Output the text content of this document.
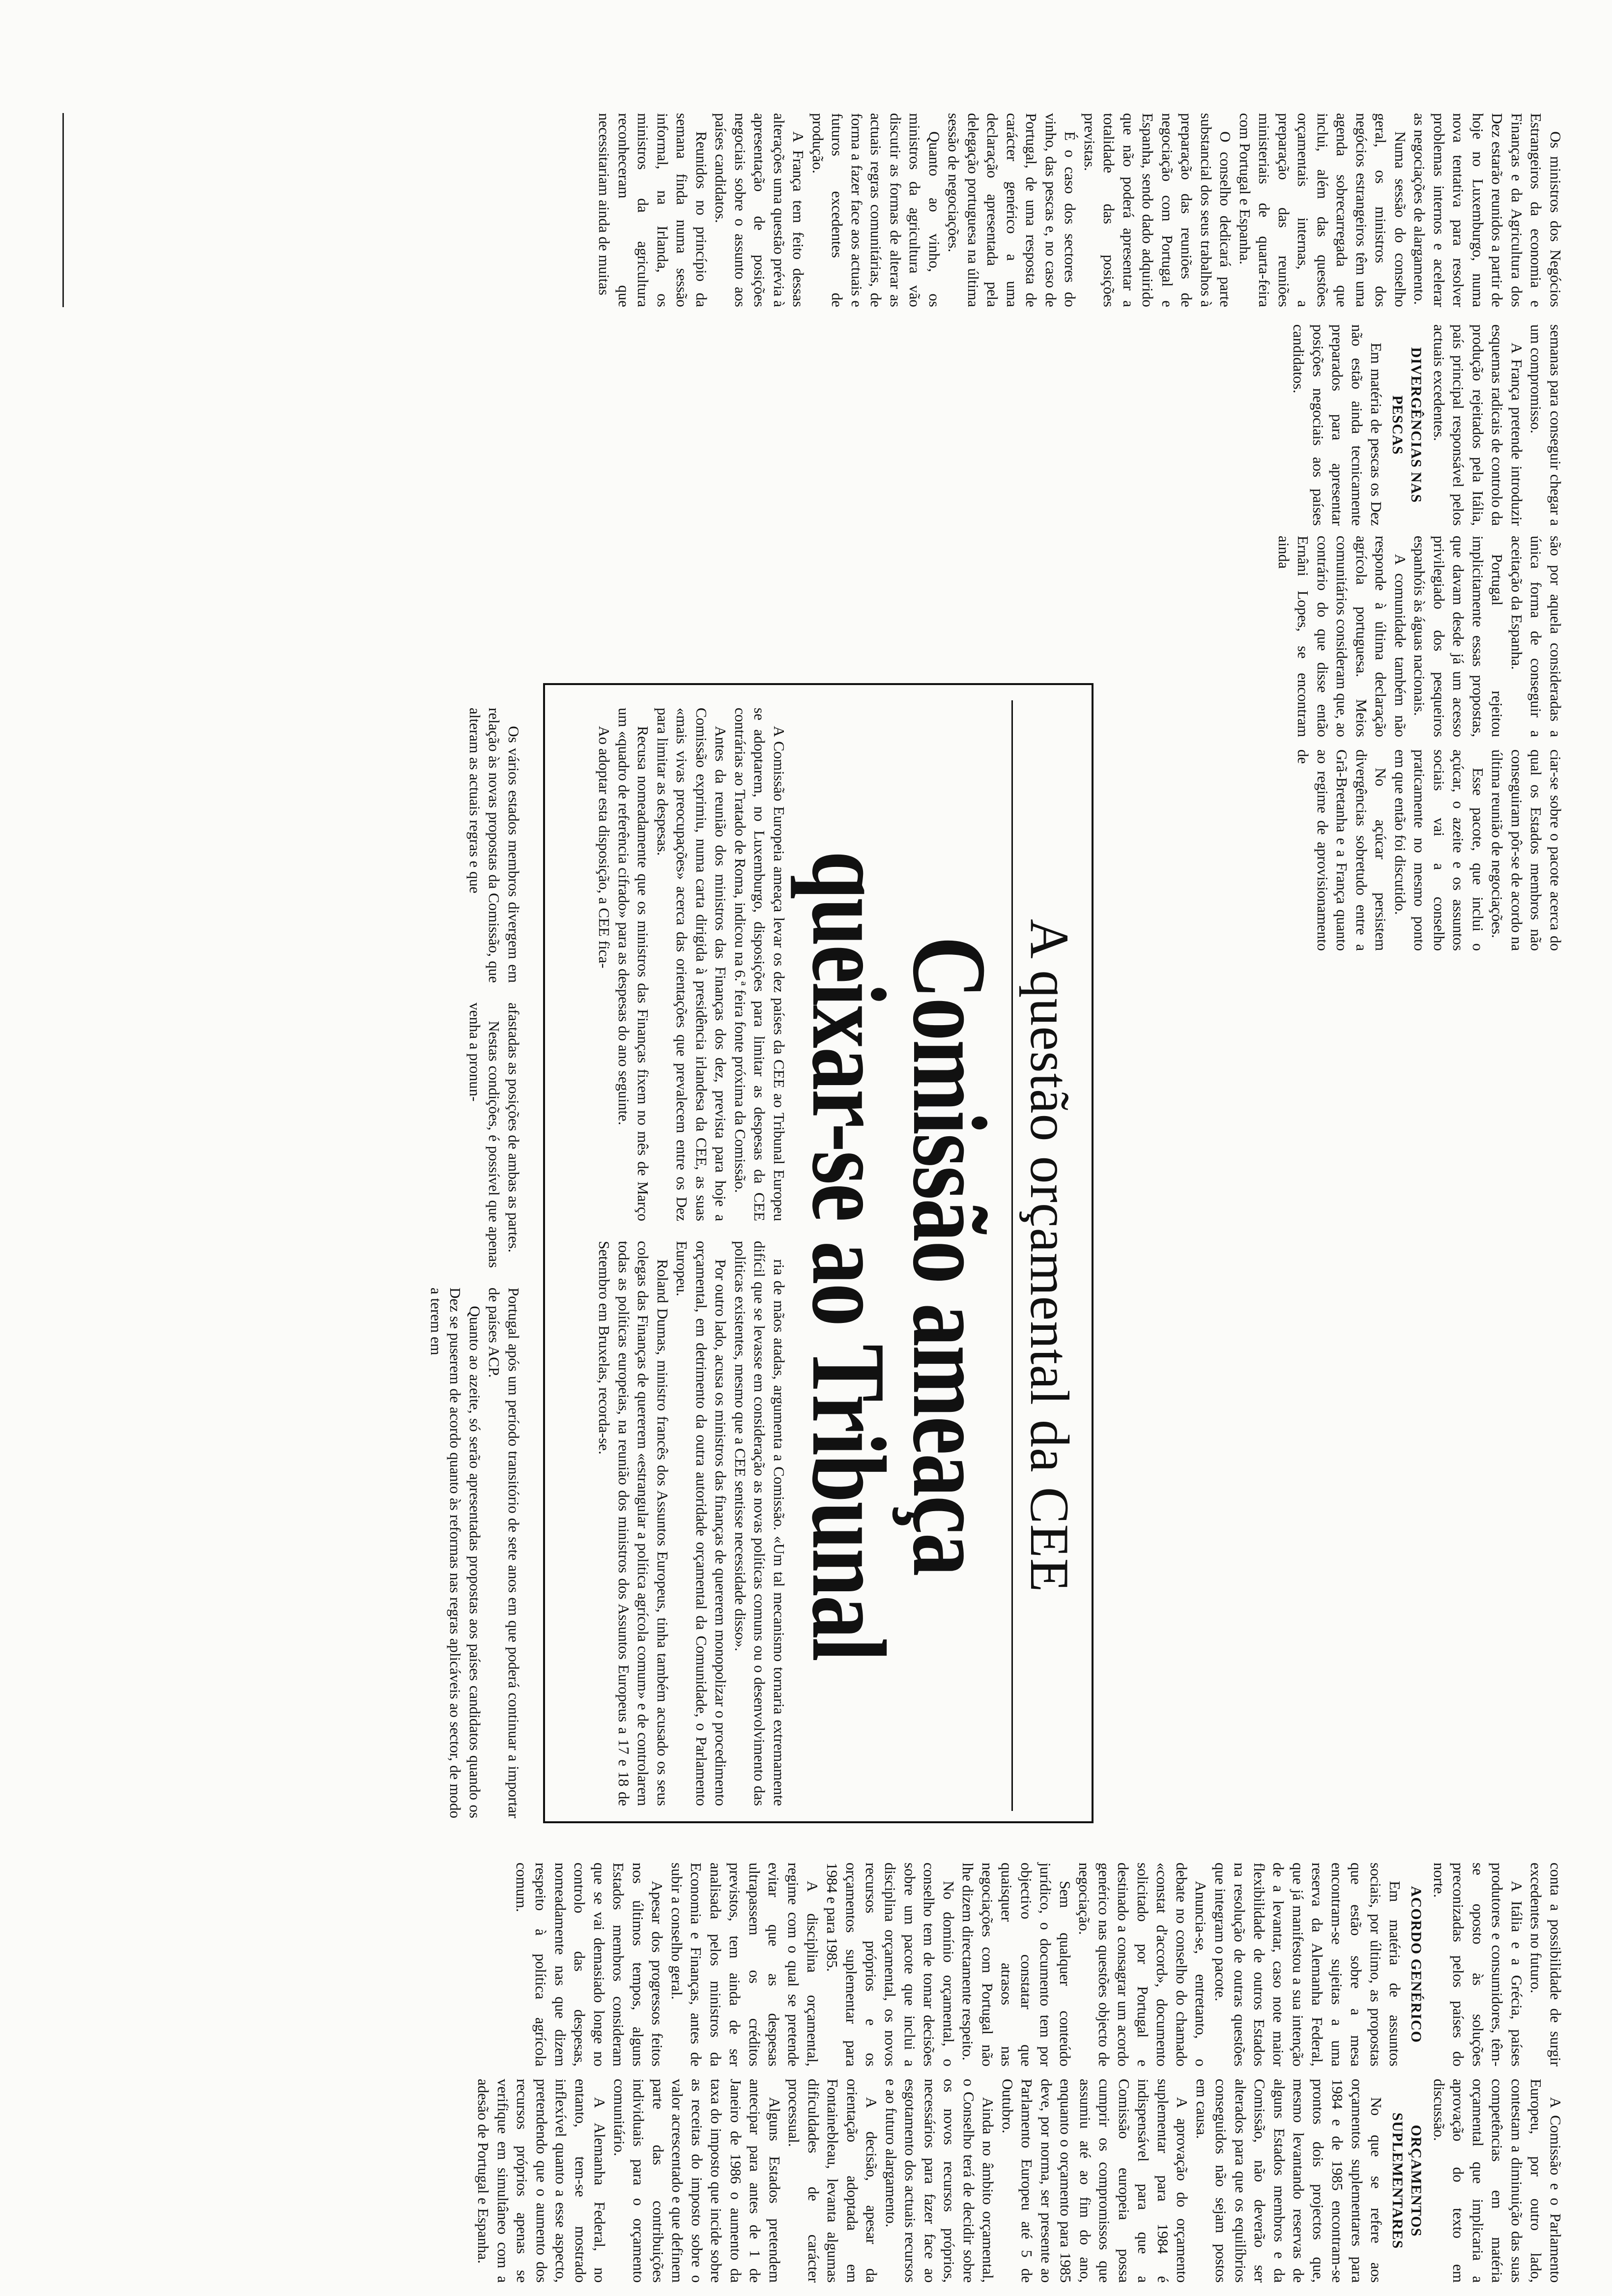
Os ministros dos Negócios Estrangeiros da economia e Finanças e da Agricultura dos Dez estarão reunidos a partir de hoje no Luxemburgo, numa nova tentativa para resolver problemas internos e acelerar as negociações de alargamento.

Numa sessão do conselho geral, os ministros dos negócios estrangeiros têm uma agenda sobrecarregada que inclui, além das questões orçamentais internas, a preparação das reuniões ministeriais de quarta-feira com Portugal e Espanha.

O conselho dedicará parte substancial dos seus trabalhos à preparação das reuniões de negociação com Portugal e Espanha, sendo dado adquirido que não poderá apresentar a totalidade das posições previstas.

É o caso dos sectores do vinho, das pescas e, no caso de Portugal, de uma resposta de carácter genérico a uma declaração apresentada pela delegação portuguesa na última sessão de negociações.

Quanto ao vinho, os ministros da agricultura vão discutir as formas de alterar as actuais regras comunitárias, de forma a fazer face aos actuais e futuros excedentes de produção.

A França tem feito dessas alterações uma questão prévia à apresentação de posições negociais sobre o assunto aos países candidatos.

Reunidos no princípio da semana finda numa sessão informal, na Irlanda, os ministros da agricultura reconheceram que necessitariam ainda de muitas

semanas para conseguir chegar a um compromisso.

A França pretende introduzir esquemas radicais de controlo da produção rejeitados pela Itália, país principal responsável pelos actuais excedentes.

DIVERGÊNCIAS NAS PESCAS

Em matéria de pescas os Dez não estão ainda tecnicamente preparados para apresentar posições negociais aos países candidatos.

são por aquela consideradas a única forma de conseguir a aceitação da Espanha.

Portugal rejeitou implicitamente essas propostas, que davam desde já um acesso privilegiado dos pesqueiros espanhóis às águas nacionais.

A comunidade também não responde à última declaração agrícola portuguesa. Meios comunitários consideram que, ao contrário do que disse então Ernâni Lopes, se encontram ainda

ciar-se sobre o pacote acerca do qual os Estados membros não conseguiram pôr-se de acordo na última reunião de negociações.

Esse pacote, que inclui o açúcar, o azeite e os assuntos sociais vai a conselho praticamente no mesmo ponto em que então foi discutido.

No açúcar persistem divergências sobretudo entre a Grã-Bretanha e a França quanto ao regime de aprovisionamento de

A questão orçamental da CEE
Comissão ameaça
queixar-se ao Tribunal

A Comissão Europeia ameaça levar os dez países da CEE ao Tribunal Europeu se adoptarem, no Luxemburgo, disposições para limitar as despesas da CEE contrárias ao Tratado de Roma, indicou na 6.ª feira fonte próxima da Comissão.

Antes da reunião dos ministros das Finanças dos dez, prevista para hoje a Comissão exprimiu, numa carta dirigida à presidência irlandesa da CEE, as suas «mais vivas preocupações» acerca das orientações que prevalecem entre os Dez para limitar as despesas.

Recusa nomeadamente que os ministros das Finanças fixem no mês de Março um «quadro de referência cifrado» para as despesas do ano seguinte.

Ao adoptar esta disposição, a CEE fica-

ria de mãos atadas, argumenta a Comissão. «Um tal mecanismo tornaria extremamente difícil que se levasse em consideração as novas políticas comuns ou o desenvolvimento das políticas existentes, mesmo que a CEE sentisse necessidade disso».

Por outro lado, acusa os ministros das finanças de quererem monopolizar o procedimento orçamental, em detrimento da outra autoridade orçamental da Comunidade, o Parlamento Europeu.

Roland Dumas, ministro francês dos Assuntos Europeus, tinha também acusado os seus colegas das Finanças de quererem «estrangular a política agrícola comum» e de controlarem todas as políticas europeias, na reunião dos ministros dos Assuntos Europeus a 17 e 18 de Setembro em Bruxelas, recorda-se.

Os vários estados membros divergem em relação às novas propostas da Comissão, que alteram as actuais regras e que

afastadas as posições de ambas as partes.

Nestas condições, é possível que apenas venha a pronun-

Portugal após um período transitório de sete anos em que poderá continuar a importar de países ACP.

Quanto ao azeite, só serão apresentadas propostas aos países candidatos quando os Dez se puserem de acordo quanto às reformas nas regras aplicáveis ao sector, de modo a terem em

conta a possibilidade de surgir excedentes no futuro.

A Itália e a Grécia, países produtores e consumidores, têm-se oposto às soluções preconizadas pelos países do norte.

ACORDO GENÉRICO

Em matéria de assuntos sociais, por último, as propostas que estão sobre a mesa encontram-se sujeitas a uma reserva da Alemanha Federal, que já manifestou a sua intenção de a levantar, caso note maior flexibilidade de outros Estados na resolução de outras questões que integram o pacote.

Anuncia-se, entretanto, o debate no conselho do chamado «constat d'accord», documento solicitado por Portugal e destinado a consagrar um acordo genérico nas questões objecto de negociação.

Sem qualquer conteúdo jurídico, o documento tem por objectivo constatar que quaisquer atrasos nas negociações com Portugal não lhe dizem directamente respeito.

No domínio orçamental, o conselho tem de tomar decisões sobre um pacote que inclui a disciplina orçamental, os novos recursos próprios e os orçamentos suplementar para 1984 e para 1985.

A disciplina orçamental, regime com o qual se pretende evitar que as despesas ultrapassem os créditos previstos, tem ainda de ser analisada pelos ministros da Economia e Finanças, antes de subir a conselho geral.

Apesar dos progressos feitos nos últimos tempos, alguns Estados membros consideram que se vai demasiado longe no controlo das despesas, nomeadamente nas que dizem respeito à política agrícola comum.

A Comissão e o Parlamento Europeu, por outro lado, contestam a diminuição das suas competências em matéria orçamental que implicaria a aprovação do texto em discussão.

ORÇAMENTOS SUPLEMENTARES

No que se refere aos orçamentos suplementares para 1984 e de 1985 encontram-se prontos dois projectos que, mesmo levantando reservas de alguns Estados membros e da Comissão, não deverão ser alterados para que os equilíbrios conseguidos não sejam postos em causa.

A aprovação do orçamento suplementar para 1984 é indispensável para que a Comissão europeia possa cumprir os compromissos que assumiu até ao fim do ano, enquanto o orçamento para 1985 deve, por norma, ser presente ao Parlamento Europeu até 5 de Outubro.

Ainda no âmbito orçamental, o Conselho terá de decidir sobre os novos recursos próprios, necessários para fazer face ao esgotamento dos actuais recursos e ao futuro alargamento.

A decisão, apesar da orientação adoptada em Fontainebleau, levanta algumas dificuldades de carácter processual.

Alguns Estados pretendem antecipar para antes de 1 de Janeiro de 1986 o aumento da taxa do imposto que incide sobre as receitas do imposto sobre o valor acrescentado e que definem parte das contribuições individuais para o orçamento comunitário.

A Alemanha Federal, no entanto, tem-se mostrado inflexível quanto a esse aspecto, pretendendo que o aumento dos recursos próprios apenas se verifique em simultâneo com a adesão de Portugal e Espanha.
